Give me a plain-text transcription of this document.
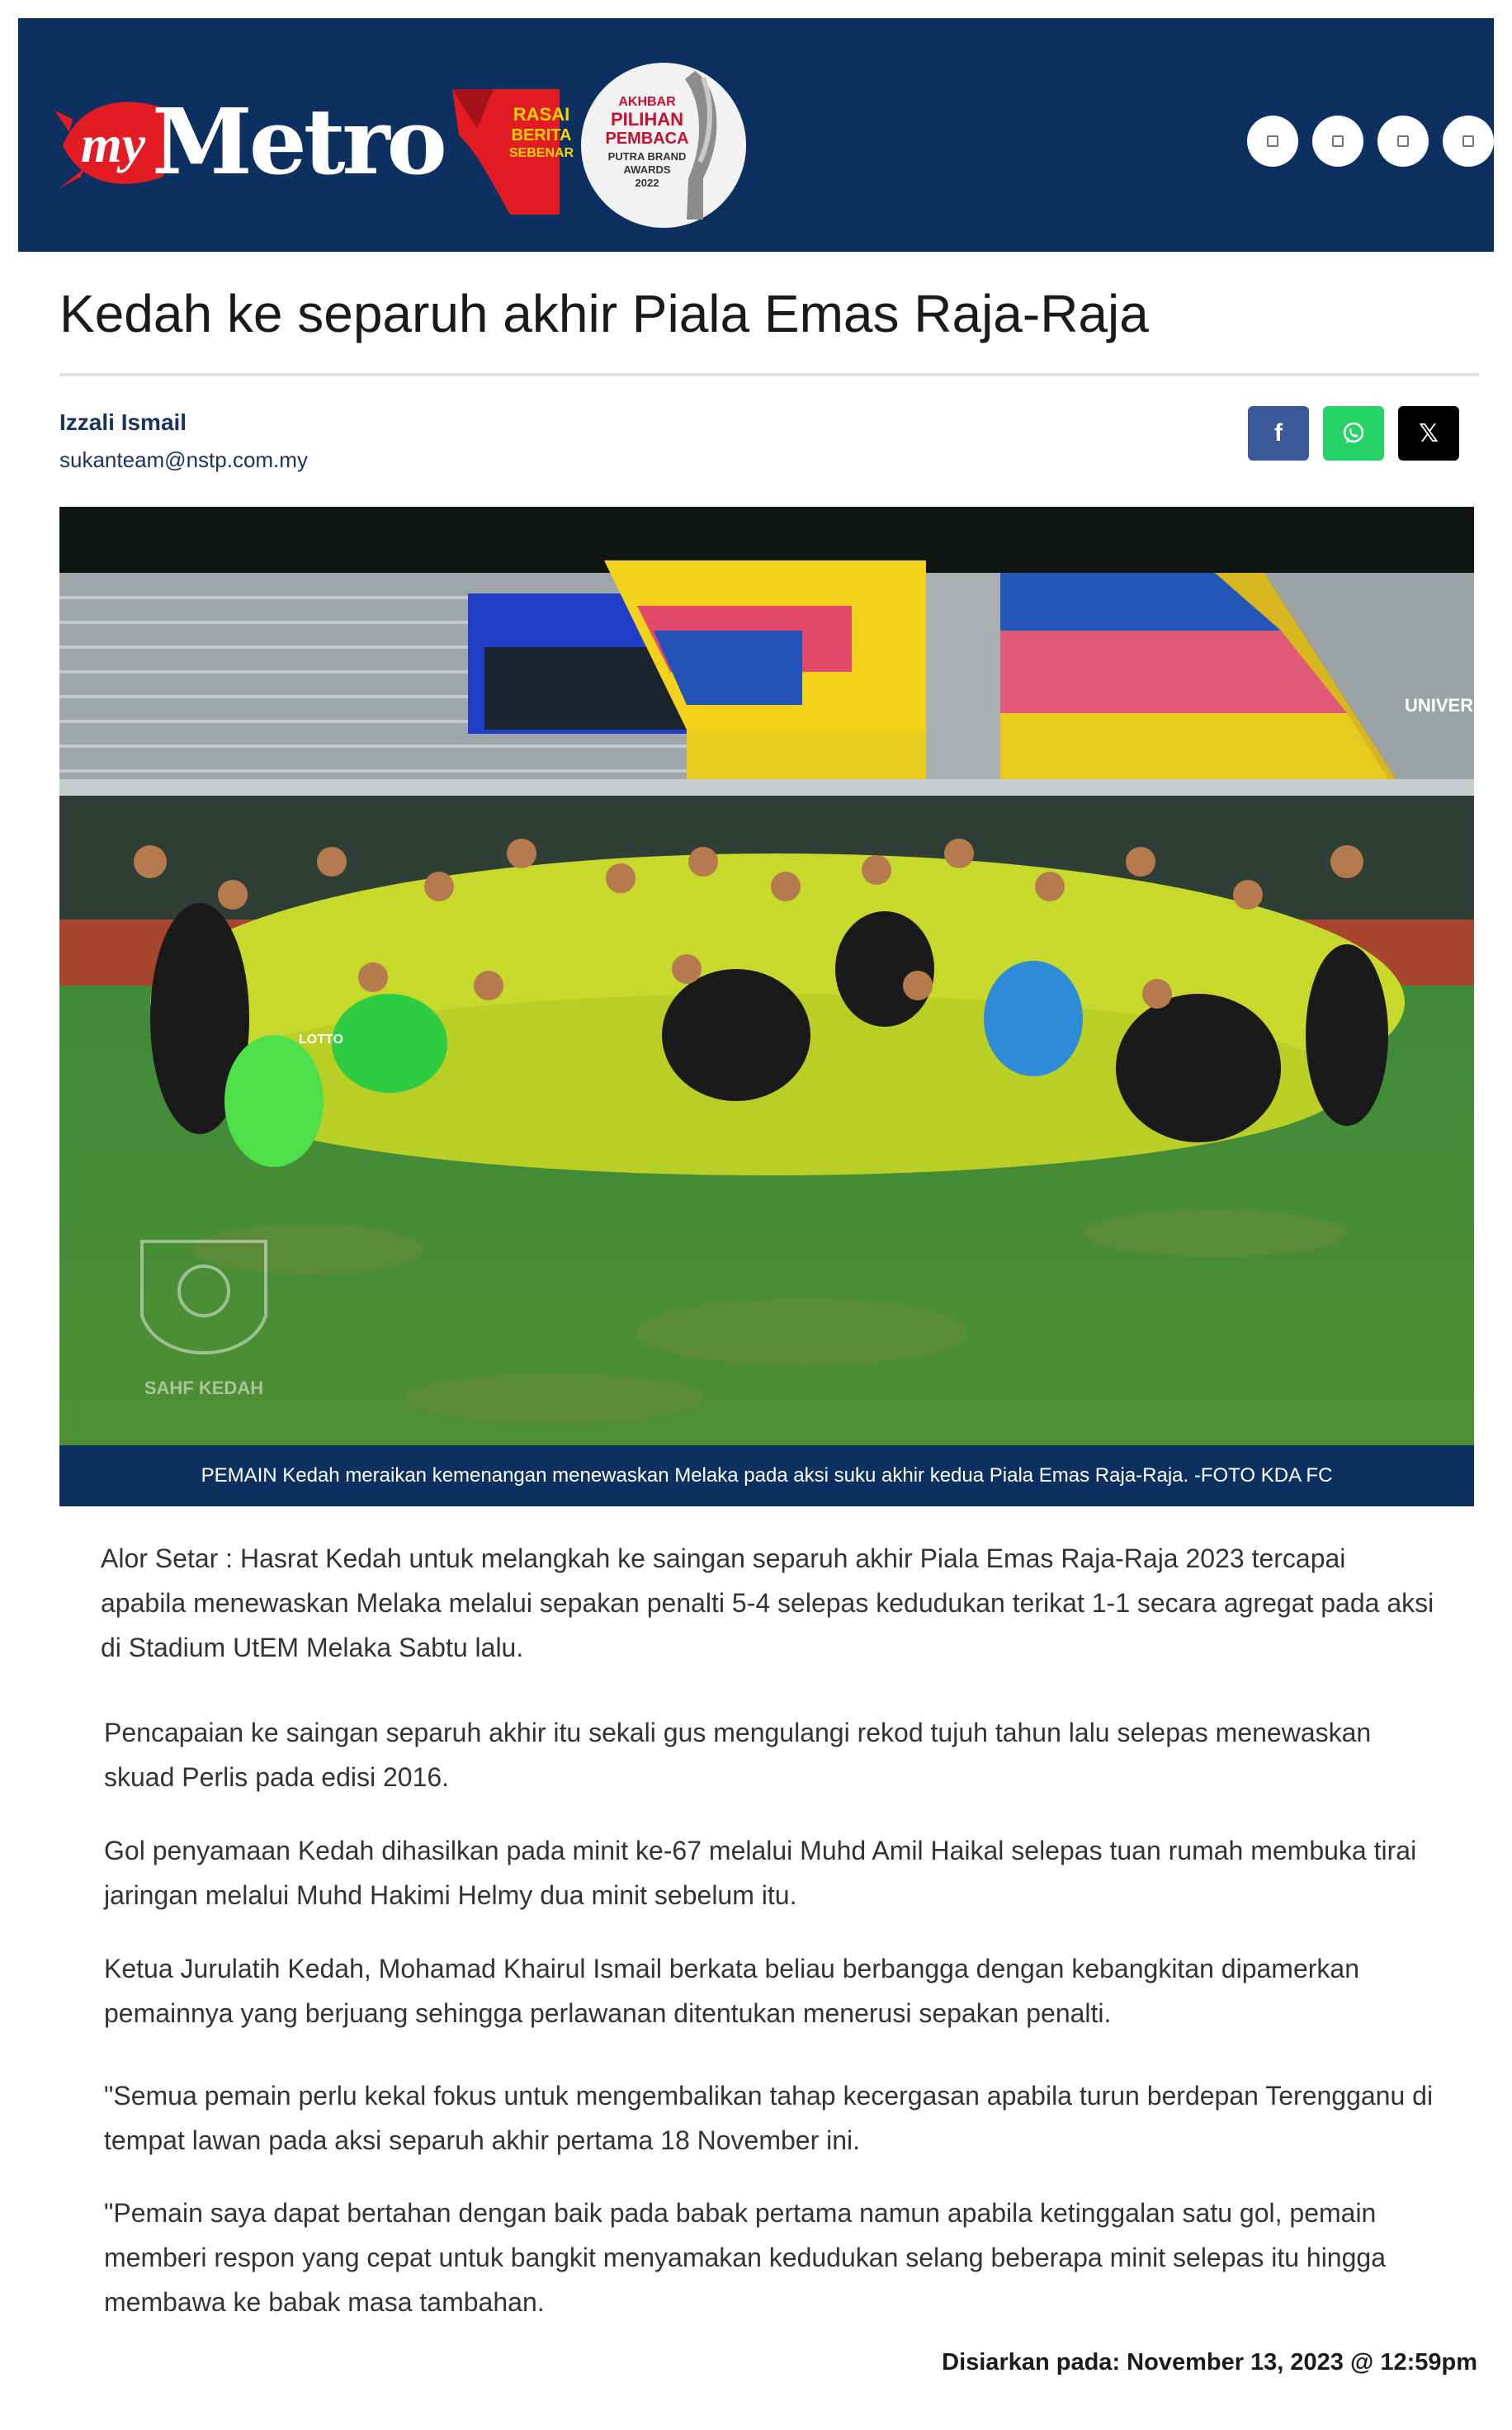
my Metro	RASAI
BERITA
SEBENAR
AKHBAR
PILIHAN
PEMBACA
PUTRA BRAND
AWARDS
2022
Kedah ke separuh akhir Piala Emas Raja-Raja
Izzali Ismail
sukanteam@nstp.com.my
f	𝕏
SAHF KEDAH
UNIVER
LOTTO
PEMAIN Kedah meraikan kemenangan menewaskan Melaka pada aksi suku akhir kedua Piala Emas Raja-Raja. -FOTO KDA FC

Alor Setar : Hasrat Kedah untuk melangkah ke saingan separuh akhir Piala Emas Raja-Raja 2023 tercapai apabila menewaskan Melaka melalui sepakan penalti 5-4 selepas kedudukan terikat 1-1 secara agregat pada aksi di Stadium UtEM Melaka Sabtu lalu.

Pencapaian ke saingan separuh akhir itu sekali gus mengulangi rekod tujuh tahun lalu selepas menewaskan skuad Perlis pada edisi 2016.

Gol penyamaan Kedah dihasilkan pada minit ke-67 melalui Muhd Amil Haikal selepas tuan rumah membuka tirai jaringan melalui Muhd Hakimi Helmy dua minit sebelum itu.

Ketua Jurulatih Kedah, Mohamad Khairul Ismail berkata beliau berbangga dengan kebangkitan dipamerkan pemainnya yang berjuang sehingga perlawanan ditentukan menerusi sepakan penalti.

"Semua pemain perlu kekal fokus untuk mengembalikan tahap kecergasan apabila turun berdepan Terengganu di tempat lawan pada aksi separuh akhir pertama 18 November ini.

"Pemain saya dapat bertahan dengan baik pada babak pertama namun apabila ketinggalan satu gol, pemain memberi respon yang cepat untuk bangkit menyamakan kedudukan selang beberapa minit selepas itu hingga membawa ke babak masa tambahan.

Disiarkan pada: November 13, 2023 @ 12:59pm
